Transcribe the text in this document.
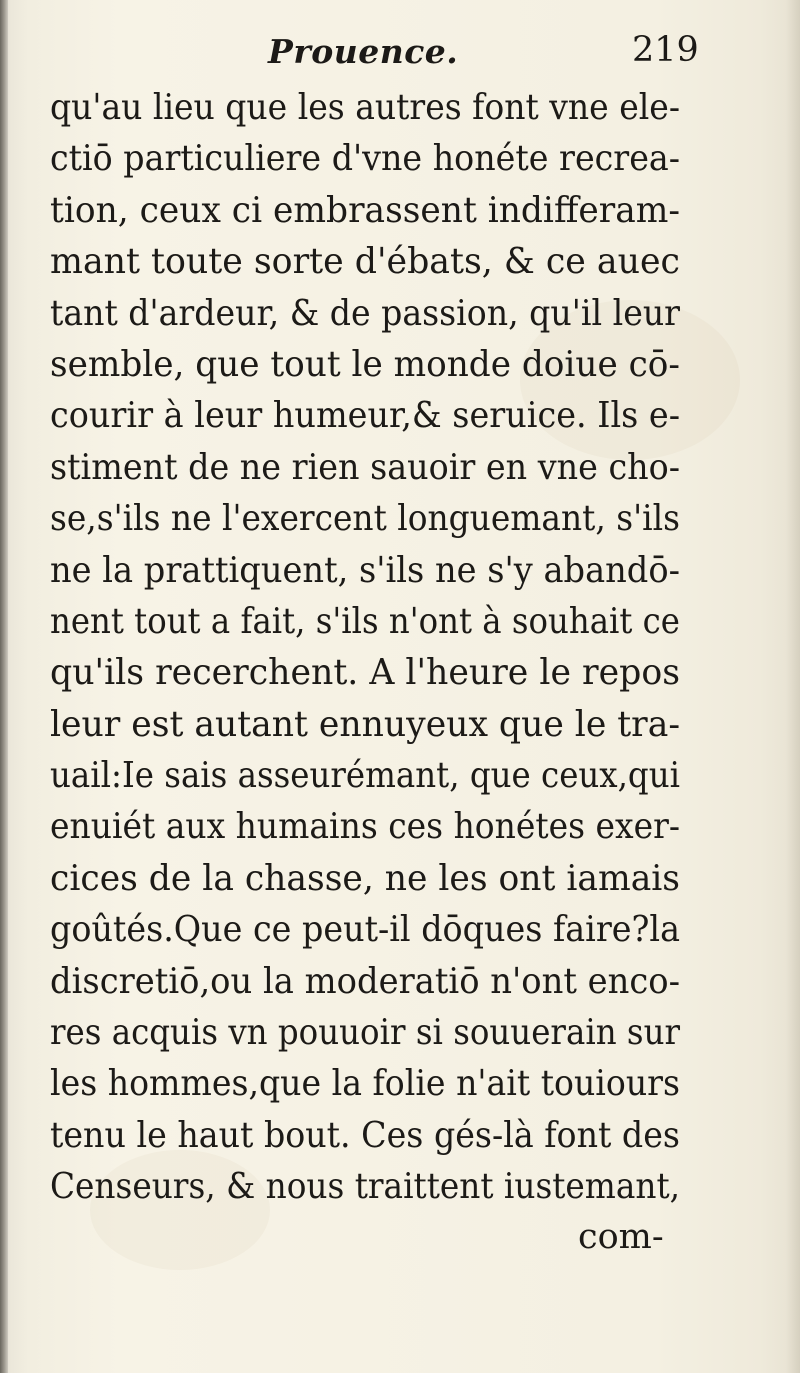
Prouence.	219
qu'au lieu que les autres font vne ele-
ctiō particuliere d'vne honéte recrea-
tion, ceux ci embrassent indifferam-
mant toute sorte d'ébats, & ce auec
tant d'ardeur, & de passion, qu'il leur
semble, que tout le monde doiue cō-
courir à leur humeur,& seruice. Ils e-
stiment de ne rien sauoir en vne cho-
se,s'ils ne l'exercent longuemant, s'ils
ne la prattiquent, s'ils ne s'y abandō-
nent tout a fait, s'ils n'ont à souhait ce
qu'ils recerchent. A l'heure le repos
leur est autant ennuyeux que le tra-
uail:Ie sais asseurémant, que ceux,qui
enuiét aux humains ces honétes exer-
cices de la chasse, ne les ont iamais
goûtés.Que ce peut-il dōques faire?la
discretiō,ou la moderatiō n'ont enco-
res acquis vn pouuoir si souuerain sur
les hommes,que la folie n'ait touiours
tenu le haut bout. Ces gés-là font des
Censeurs, & nous traittent iustemant,
com-
